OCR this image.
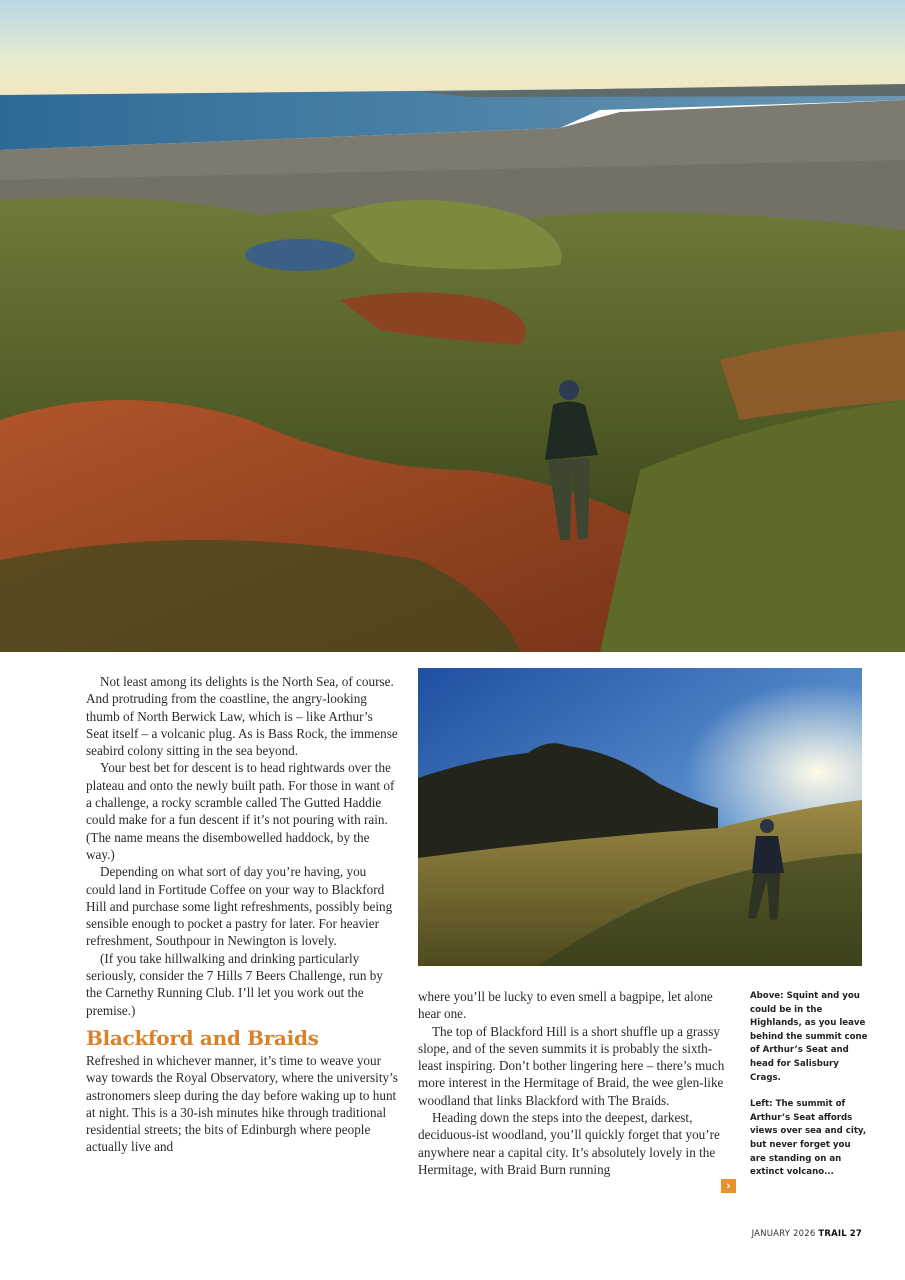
Not least among its delights is the North Sea, of course. And protruding from the coastline, the angry-looking thumb of North Berwick Law, which is – like Arthur’s Seat itself – a volcanic plug. As is Bass Rock, the immense seabird colony sitting in the sea beyond.

Your best bet for descent is to head rightwards over the plateau and onto the newly built path. For those in want of a challenge, a rocky scramble called The Gutted Haddie could make for a fun descent if it’s not pouring with rain. (The name means the disembowelled haddock, by the way.)

Depending on what sort of day you’re having, you could land in Fortitude Coffee on your way to Blackford Hill and purchase some light refreshments, possibly being sensible enough to pocket a pastry for later. For heavier refreshment, Southpour in Newington is lovely.

(If you take hillwalking and drinking particularly seriously, consider the 7 Hills 7 Beers Challenge, run by the Carnethy Running Club. I’ll let you work out the premise.)

Blackford and Braids

Refreshed in whichever manner, it’s time to weave your way towards the Royal Observatory, where the university’s astronomers sleep during the day before waking up to hunt at night. This is a 30-ish minutes hike through traditional residential streets; the bits of Edinburgh where people actually live and

where you’ll be lucky to even smell a bagpipe, let alone hear one.

The top of Blackford Hill is a short shuffle up a grassy slope, and of the seven summits it is probably the sixth-least inspiring. Don’t bother lingering here – there’s much more interest in the Hermitage of Braid, the wee glen-like woodland that links Blackford with The Braids.

Heading down the steps into the deepest, darkest, deciduous-ist woodland, you’ll quickly forget that you’re anywhere near a capital city. It’s absolutely lovely in the Hermitage, with Braid Burn running

›

Above: Squint and you could be in the Highlands, as you leave behind the summit cone of Arthur’s Seat and head for Salisbury Crags.

Left: The summit of Arthur’s Seat affords views over sea and city, but never forget you are standing on an extinct volcano...

JANUARY 2026 TRAIL 27
